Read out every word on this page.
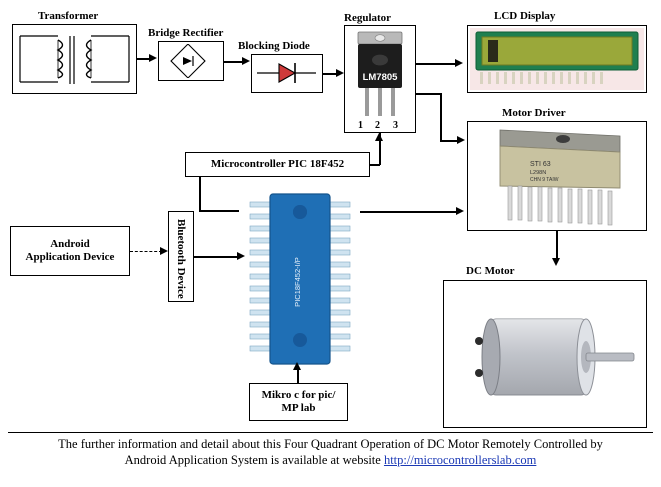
Transformer
Bridge Rectifier
Blocking Diode
Regulator	LCD Display
Motor Driver
DC Motor
LM7805
1 2 3
STI 63
L298N
CHN 9 TAIW
Microcontroller PIC 18F452
PIC18F452-I/P
Android
Application Device	Bluetooth Device
Mikro c for pic/
MP lab
The further information and detail about this Four Quadrant Operation of DC Motor Remotely Controlled by
Android Application System is available at website http://microcontrollerslab.com
